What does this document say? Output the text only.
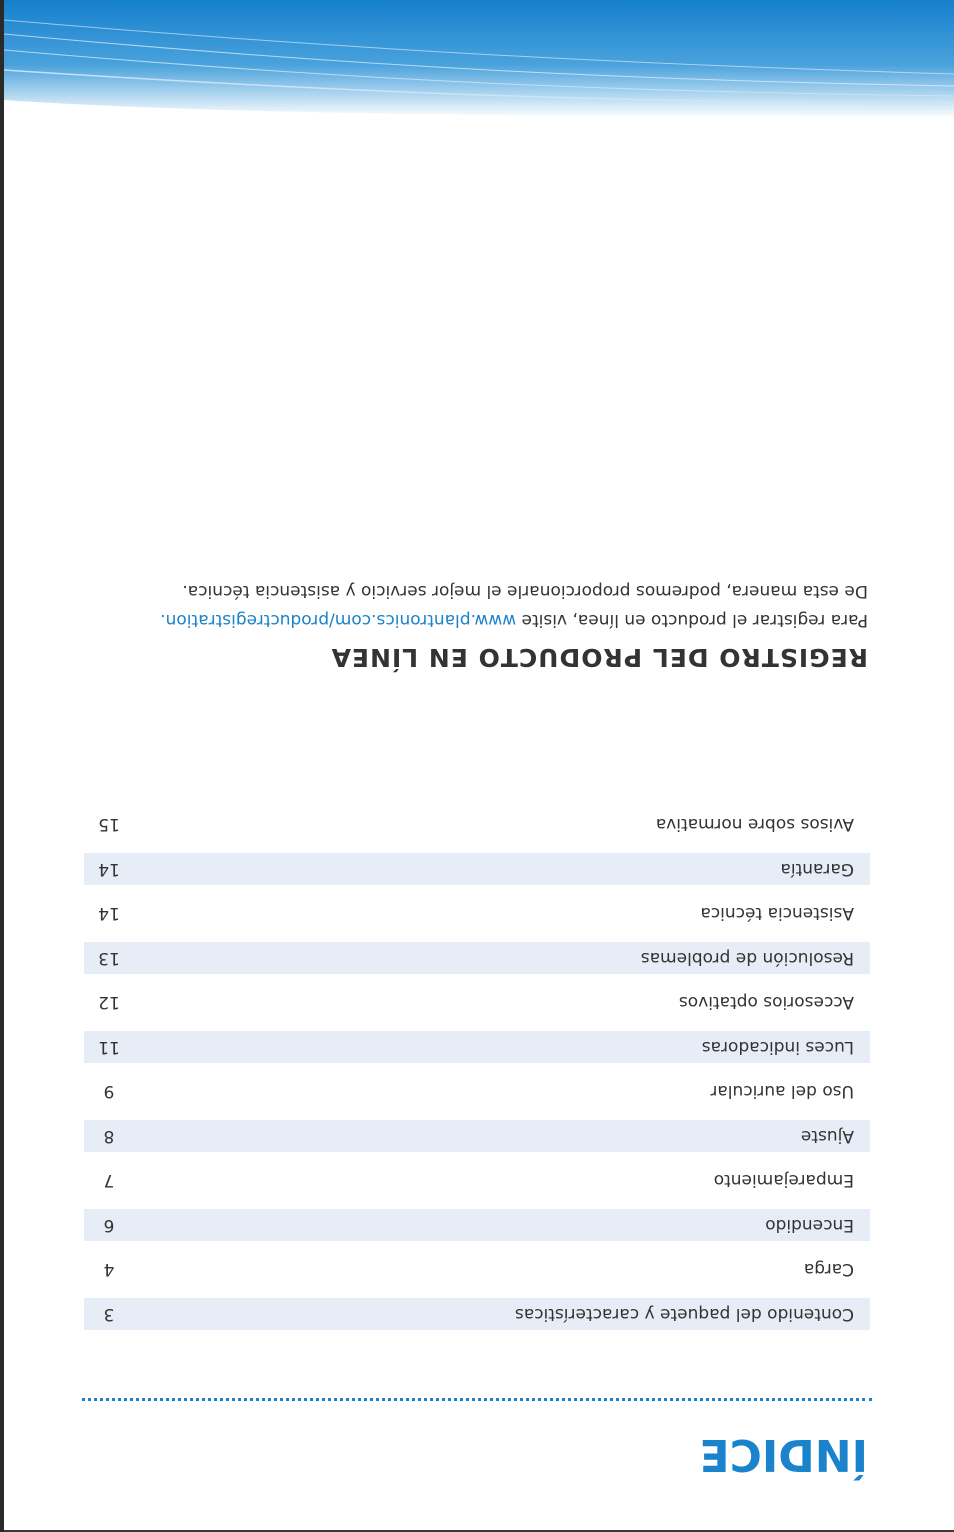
ÍNDICE
Contenido del paquete y características
3
Carga
4
Encendido
6
Emparejamiento
7
Ajuste
8
Uso del auricular
9
Luces indicadoras
11
Accesorios optativos
12
Resolución de problemas
13
Asistencia técnica
14
Garantía
14
Avisos sobre normativa
15
REGISTRO DEL PRODUCTO EN LÍNEA
Para registrar el producto en línea, visite www.plantronics.com/productregistration.
De esta manera, podremos proporcionarle el mejor servicio y asistencia técnica.
